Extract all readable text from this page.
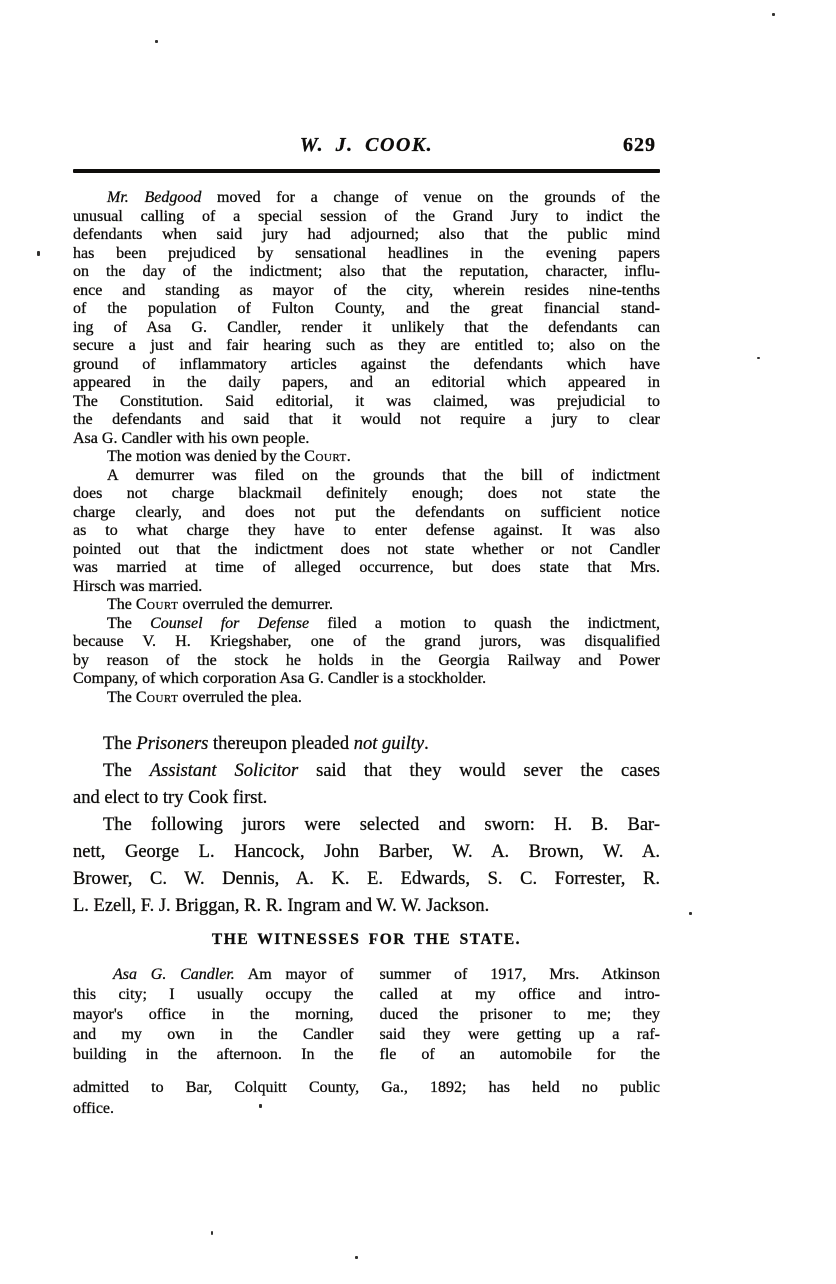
W. J. COOK.	629
Mr. Bedgood moved for a change of venue on the grounds of the
unusual calling of a special session of the Grand Jury to indict the
defendants when said jury had adjourned; also that the public mind
has been prejudiced by sensational headlines in the evening papers
on the day of the indictment; also that the reputation, character, influ-
ence and standing as mayor of the city, wherein resides nine-tenths
of the population of Fulton County, and the great financial stand-
ing of Asa G. Candler, render it unlikely that the defendants can
secure a just and fair hearing such as they are entitled to; also on the
ground of inflammatory articles against the defendants which have
appeared in the daily papers, and an editorial which appeared in
The Constitution. Said editorial, it was claimed, was prejudicial to
the defendants and said that it would not require a jury to clear
Asa G. Candler with his own people.
The motion was denied by the Court.
A demurrer was filed on the grounds that the bill of indictment
does not charge blackmail definitely enough; does not state the
charge clearly, and does not put the defendants on sufficient notice
as to what charge they have to enter defense against. It was also
pointed out that the indictment does not state whether or not Candler
was married at time of alleged occurrence, but does state that Mrs.
Hirsch was married.
The Court overruled the demurrer.
The Counsel for Defense filed a motion to quash the indictment,
because V. H. Kriegshaber, one of the grand jurors, was disqualified
by reason of the stock he holds in the Georgia Railway and Power
Company, of which corporation Asa G. Candler is a stockholder.
The Court overruled the plea.
The Prisoners thereupon pleaded not guilty.
The Assistant Solicitor said that they would sever the cases
and elect to try Cook first.
The following jurors were selected and sworn: H. B. Bar-
nett, George L. Hancock, John Barber, W. A. Brown, W. A.
Brower, C. W. Dennis, A. K. E. Edwards, S. C. Forrester, R.
L. Ezell, F. J. Briggan, R. R. Ingram and W. W. Jackson.
THE WITNESSES FOR THE STATE.
Asa G. Candler. Am mayor of
this city; I usually occupy the
mayor's office in the morning,
and my own in the Candler
building in the afternoon. In the
summer of 1917, Mrs. Atkinson
called at my office and intro-
duced the prisoner to me; they
said they were getting up a raf-
fle of an automobile for the
admitted to Bar, Colquitt County, Ga., 1892; has held no public
office.
